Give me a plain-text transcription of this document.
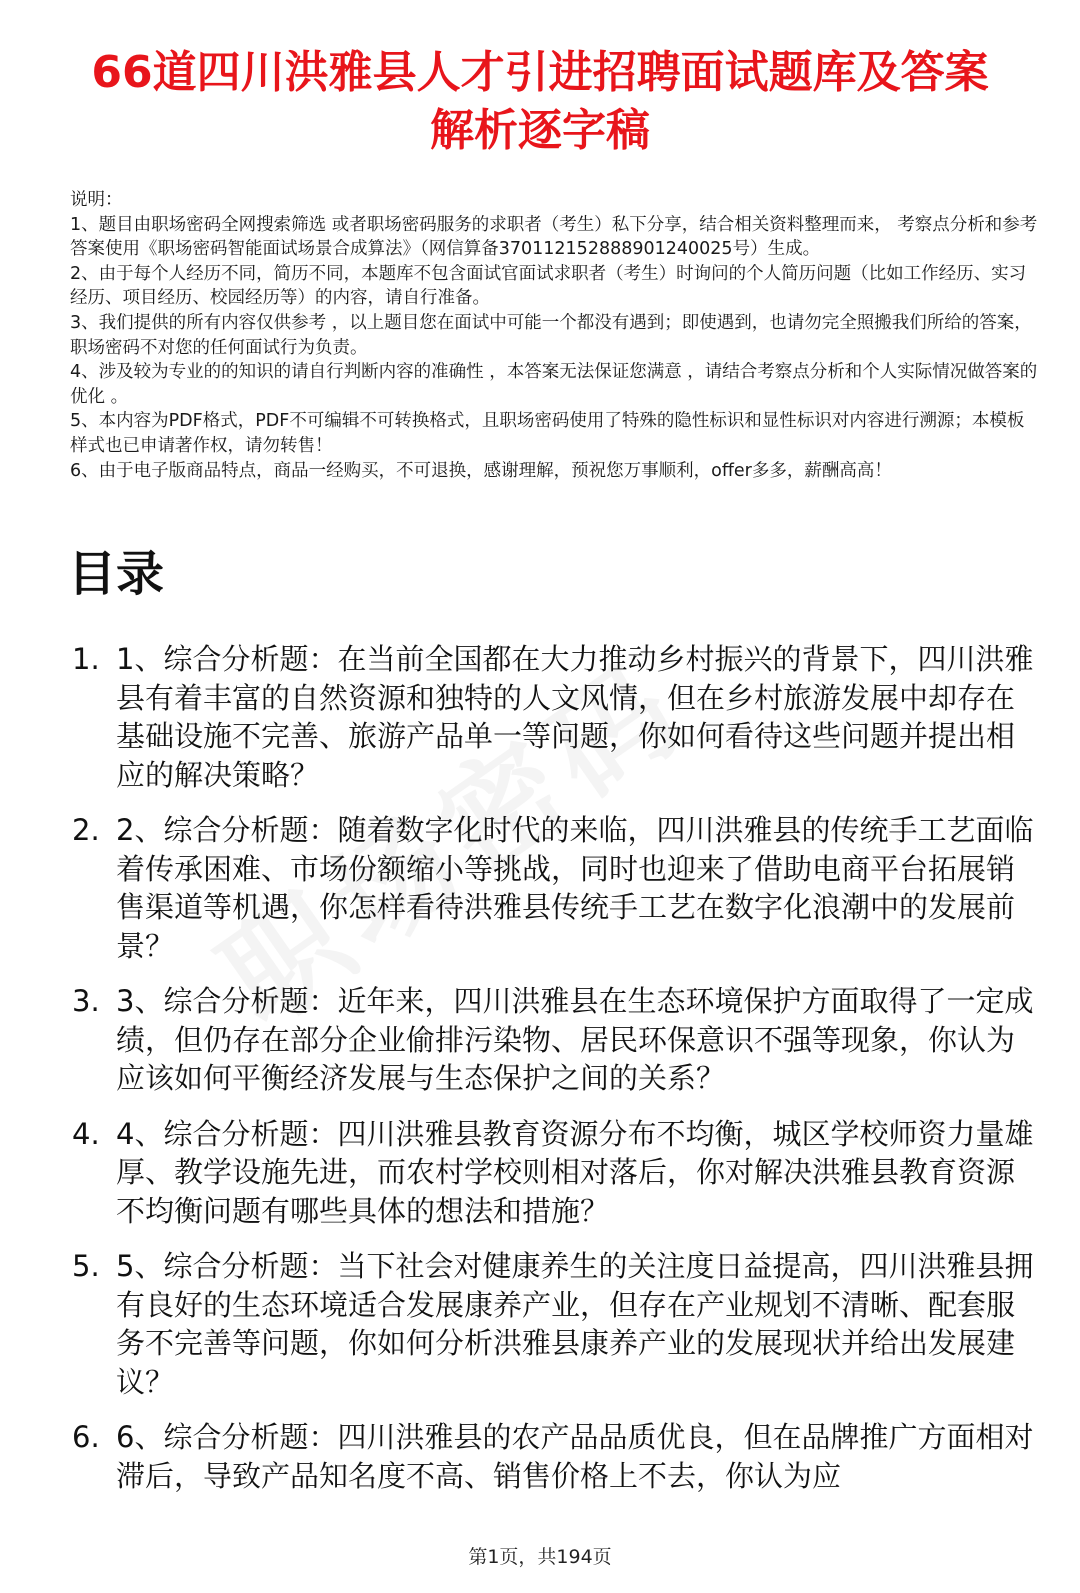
66道四川洪雅县人才引进招聘面试题库及答案
解析逐字稿

说明：

1、题目由职场密码全网搜索筛选 或者职场密码服务的求职者（考生）私下分享，结合相关资料整理而来， 考察点分析和参考答案使用《职场密码智能面试场景合成算法》（网信算备370112152888901240025号）生成。

2、由于每个人经历不同，简历不同，本题库不包含面试官面试求职者（考生）时询问的个人简历问题（比如工作经历、实习经历、项目经历、校园经历等）的内容，请自行准备。

3、我们提供的所有内容仅供参考 ，以上题目您在面试中可能一个都没有遇到；即使遇到，也请勿完全照搬我们所给的答案，职场密码不对您的任何面试行为负责。

4、涉及较为专业的的知识的请自行判断内容的准确性 ，本答案无法保证您满意 ，请结合考察点分析和个人实际情况做答案的优化 。

5、本内容为PDF格式，PDF不可编辑不可转换格式，且职场密码使用了特殊的隐性标识和显性标识对内容进行溯源；本模板样式也已申请著作权，请勿转售！

6、由于电子版商品特点，商品一经购买，不可退换，感谢理解，预祝您万事顺利，offer多多，薪酬高高！

目录
1. 1、综合分析题：在当前全国都在大力推动乡村振兴的背景下，四川洪雅县有着丰富的自然资源和独特的人文风情，但在乡村旅游发展中却存在基础设施不完善、旅游产品单一等问题，你如何看待这些问题并提出相应的解决策略？
2. 2、综合分析题：随着数字化时代的来临，四川洪雅县的传统手工艺面临着传承困难、市场份额缩小等挑战，同时也迎来了借助电商平台拓展销售渠道等机遇，你怎样看待洪雅县传统手工艺在数字化浪潮中的发展前景？
3. 3、综合分析题：近年来，四川洪雅县在生态环境保护方面取得了一定成绩，但仍存在部分企业偷排污染物、居民环保意识不强等现象，你认为应该如何平衡经济发展与生态保护之间的关系？
4. 4、综合分析题：四川洪雅县教育资源分布不均衡，城区学校师资力量雄厚、教学设施先进，而农村学校则相对落后，你对解决洪雅县教育资源不均衡问题有哪些具体的想法和措施？
5. 5、综合分析题：当下社会对健康养生的关注度日益提高，四川洪雅县拥有良好的生态环境适合发展康养产业，但存在产业规划不清晰、配套服务不完善等问题，你如何分析洪雅县康养产业的发展现状并给出发展建议？
6. 6、综合分析题：四川洪雅县的农产品品质优良，但在品牌推广方面相对滞后，导致产品知名度不高、销售价格上不去，你认为应
第1页，共194页
